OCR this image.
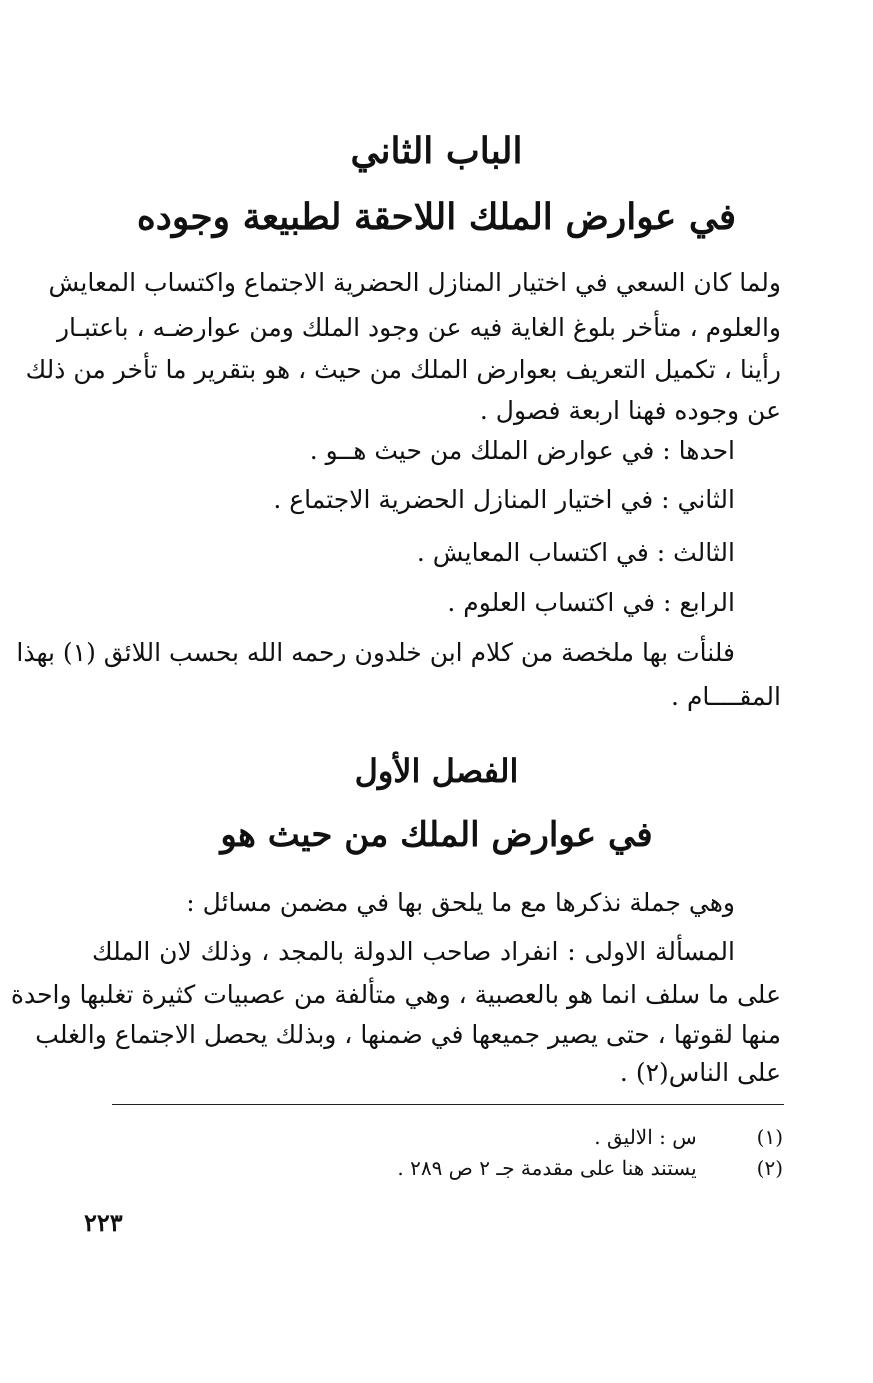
الباب الثاني
في عوارض الملك اللاحقة لطبيعة وجوده
ولما كان السعي في اختيار المنازل الحضرية الاجتماع واكتساب المعايش
والعلوم ، متأخر بلوغ الغاية فيه عن وجود الملك ومن عوارضـه ، باعتبـار
رأينا ، تكميل التعريف بعوارض الملك من حيث ، هو بتقرير ما تأخر من ذلك
عن وجوده فهنا اربعة فصول .
احدها : في عوارض الملك من حيث هــو .
الثاني : في اختيار المنازل الحضرية الاجتماع .
الثالث : في اكتساب المعايش .
الرابع : في اكتساب العلوم .
فلنأت بها ملخصة من كلام ابن خلدون رحمه الله بحسب اللائق (١) بهذا
المقــــام .
الفصل الأول
في عوارض الملك من حيث هو
وهي جملة نذكرها مع ما يلحق بها في مضمن مسائل :
المسألة الاولى : انفراد صاحب الدولة بالمجد ، وذلك لان الملك
على ما سلف انما هو بالعصبية ، وهي متألفة من عصبيات كثيرة تغلبها واحدة
منها لقوتها ، حتى يصير جميعها في ضمنها ، وبذلك يحصل الاجتماع والغلب
على الناس(٢) .
(١) س : الاليق .
(٢) يستند هنا على مقدمة جـ ٢ ص ٢٨٩ .
٢٢٣
